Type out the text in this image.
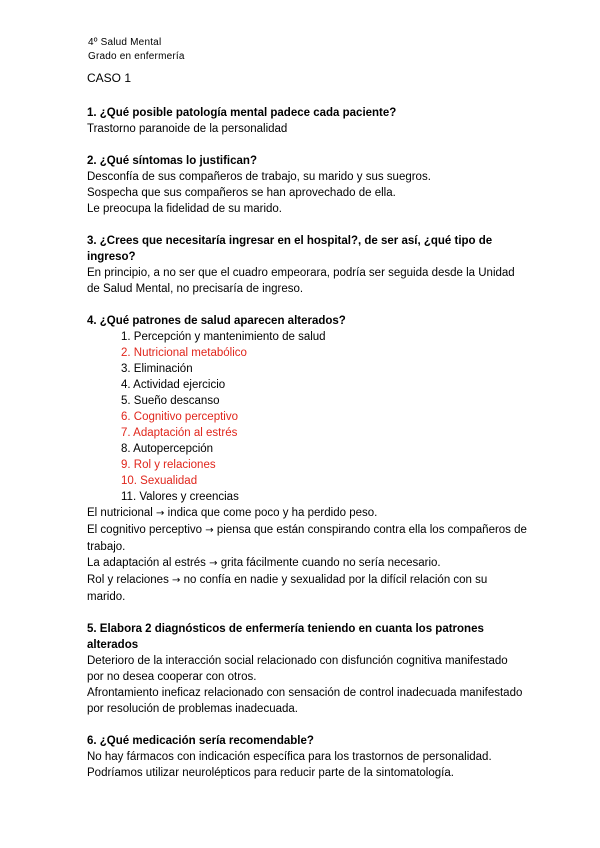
4º Salud Mental
Grado en enfermería
CASO 1

1. ¿Qué posible patología mental padece cada paciente?

Trastorno paranoide de la personalidad

2. ¿Qué síntomas lo justifican?

Desconfía de sus compañeros de trabajo, su marido y sus suegros.

Sospecha que sus compañeros se han aprovechado de ella.

Le preocupa la fidelidad de su marido.

3. ¿Crees que necesitaría ingresar en el hospital?, de ser así, ¿qué tipo de ingreso?

En principio, a no ser que el cuadro empeorara, podría ser seguida desde la Unidad de Salud Mental, no precisaría de ingreso.

4. ¿Qué patrones de salud aparecen alterados?

1. Percepción y mantenimiento de salud
2. Nutricional metabólico
3. Eliminación
4. Actividad ejercicio
5. Sueño descanso
6. Cognitivo perceptivo
7. Adaptación al estrés
8. Autopercepción
9. Rol y relaciones
10. Sexualidad
11. Valores y creencias

El nutricional → indica que come poco y ha perdido peso.

El cognitivo perceptivo → piensa que están conspirando contra ella los compañeros de trabajo.

La adaptación al estrés → grita fácilmente cuando no sería necesario.

Rol y relaciones → no confía en nadie y sexualidad por la difícil relación con su marido.

5. Elabora 2 diagnósticos de enfermería teniendo en cuanta los patrones alterados

Deterioro de la interacción social relacionado con disfunción cognitiva manifestado por no desea cooperar con otros.

Afrontamiento ineficaz relacionado con sensación de control inadecuada manifestado por resolución de problemas inadecuada.

6. ¿Qué medicación sería recomendable?

No hay fármacos con indicación específica para los trastornos de personalidad.

Podríamos utilizar neurolépticos para reducir parte de la sintomatología.
